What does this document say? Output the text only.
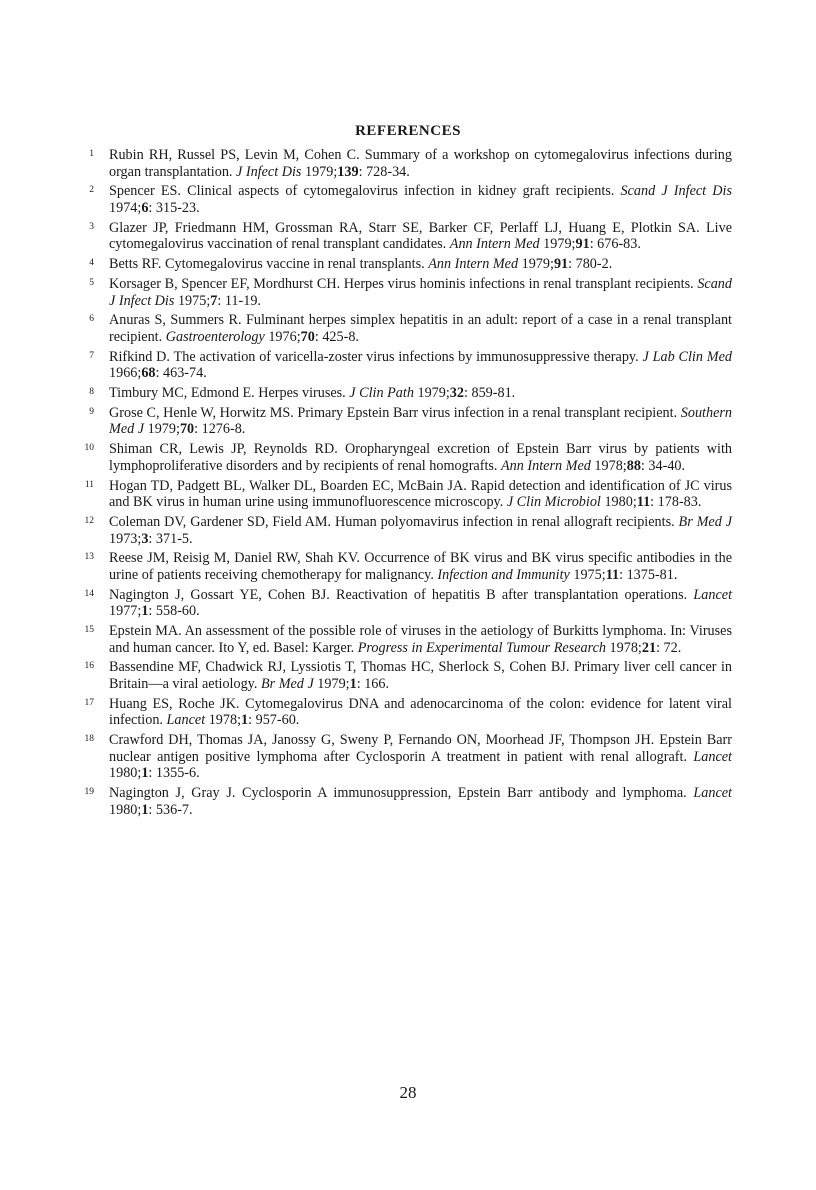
REFERENCES
1 Rubin RH, Russel PS, Levin M, Cohen C. Summary of a workshop on cytomegalovirus infections during organ transplantation. J Infect Dis 1979;139: 728-34.
2 Spencer ES. Clinical aspects of cytomegalovirus infection in kidney graft recipients. Scand J Infect Dis 1974;6: 315-23.
3 Glazer JP, Friedmann HM, Grossman RA, Starr SE, Barker CF, Perlaff LJ, Huang E, Plotkin SA. Live cytomegalovirus vaccination of renal transplant candidates. Ann Intern Med 1979;91: 676-83.
4 Betts RF. Cytomegalovirus vaccine in renal transplants. Ann Intern Med 1979;91: 780-2.
5 Korsager B, Spencer EF, Mordhurst CH. Herpes virus hominis infections in renal transplant recipients. Scand J Infect Dis 1975;7: 11-19.
6 Anuras S, Summers R. Fulminant herpes simplex hepatitis in an adult: report of a case in a renal transplant recipient. Gastroenterology 1976;70: 425-8.
7 Rifkind D. The activation of varicella-zoster virus infections by immunosuppressive therapy. J Lab Clin Med 1966;68: 463-74.
8 Timbury MC, Edmond E. Herpes viruses. J Clin Path 1979;32: 859-81.
9 Grose C, Henle W, Horwitz MS. Primary Epstein Barr virus infection in a renal transplant recipient. Southern Med J 1979;70: 1276-8.
10 Shiman CR, Lewis JP, Reynolds RD. Oropharyngeal excretion of Epstein Barr virus by patients with lymphoproliferative disorders and by recipients of renal homografts. Ann Intern Med 1978;88: 34-40.
11 Hogan TD, Padgett BL, Walker DL, Boarden EC, McBain JA. Rapid detection and identification of JC virus and BK virus in human urine using immunofluorescence microscopy. J Clin Microbiol 1980;11: 178-83.
12 Coleman DV, Gardener SD, Field AM. Human polyomavirus infection in renal allograft recipients. Br Med J 1973;3: 371-5.
13 Reese JM, Reisig M, Daniel RW, Shah KV. Occurrence of BK virus and BK virus specific antibodies in the urine of patients receiving chemotherapy for malignancy. Infection and Immunity 1975;11: 1375-81.
14 Nagington J, Gossart YE, Cohen BJ. Reactivation of hepatitis B after transplantation operations. Lancet 1977;1: 558-60.
15 Epstein MA. An assessment of the possible role of viruses in the aetiology of Burkitts lymphoma. In: Viruses and human cancer. Ito Y, ed. Basel: Karger. Progress in Experimental Tumour Research 1978;21: 72.
16 Bassendine MF, Chadwick RJ, Lyssiotis T, Thomas HC, Sherlock S, Cohen BJ. Primary liver cell cancer in Britain—a viral aetiology. Br Med J 1979;1: 166.
17 Huang ES, Roche JK. Cytomegalovirus DNA and adenocarcinoma of the colon: evidence for latent viral infection. Lancet 1978;1: 957-60.
18 Crawford DH, Thomas JA, Janossy G, Sweny P, Fernando ON, Moorhead JF, Thompson JH. Epstein Barr nuclear antigen positive lymphoma after Cyclosporin A treatment in patient with renal allograft. Lancet 1980;1: 1355-6.
19 Nagington J, Gray J. Cyclosporin A immunosuppression, Epstein Barr antibody and lymphoma. Lancet 1980;1: 536-7.
28
